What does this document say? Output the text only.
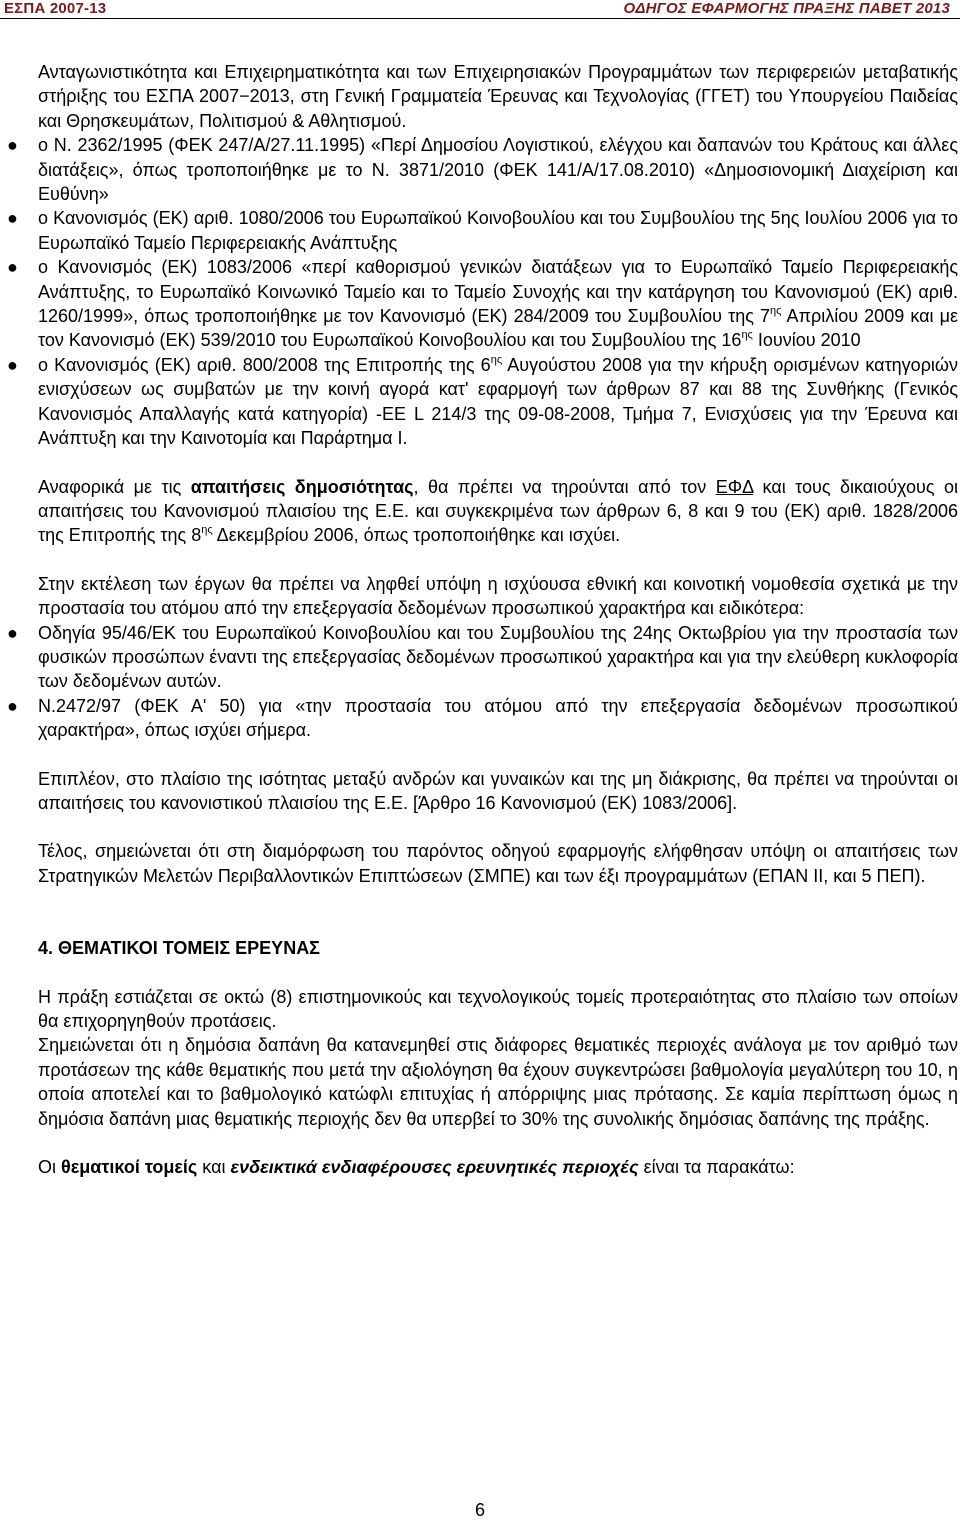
ΕΣΠΑ 2007-13	ΟΔΗΓΟΣ ΕΦΑΡΜΟΓΗΣ ΠΡΑΞΗΣ ΠΑΒΕΤ 2013

Ανταγωνιστικότητα και Επιχειρηματικότητα και των Επιχειρησιακών Προγραμμάτων των περιφερειών μεταβατικής στήριξης του ΕΣΠΑ 2007−2013, στη Γενική Γραμματεία Έρευνας και Τεχνολογίας (ΓΓΕΤ) του Υπουργείου Παιδείας και Θρησκευμάτων, Πολιτισμού & Αθλητισμού.

● ο Ν. 2362/1995 (ΦΕΚ 247/Α/27.11.1995) «Περί Δημοσίου Λογιστικού, ελέγχου και δαπανών του Κράτους και άλλες διατάξεις», όπως τροποποιήθηκε με το Ν. 3871/2010 (ΦΕΚ 141/Α/17.08.2010) «Δημοσιονομική Διαχείριση και Ευθύνη»
● ο Κανονισμός (ΕΚ) αριθ. 1080/2006 του Ευρωπαϊκού Κοινοβουλίου και του Συμβουλίου της 5ης Ιουλίου 2006 για το Ευρωπαϊκό Ταμείο Περιφερειακής Ανάπτυξης
● ο Κανονισμός (ΕΚ) 1083/2006 «περί καθορισμού γενικών διατάξεων για το Ευρωπαϊκό Ταμείο Περιφερειακής Ανάπτυξης, το Ευρωπαϊκό Κοινωνικό Ταμείο και το Ταμείο Συνοχής και την κατάργηση του Κανονισμού (ΕΚ) αριθ. 1260/1999», όπως τροποποιήθηκε με τον Κανονισμό (ΕΚ) 284/2009 του Συμβουλίου της $7^{\eta\varsigma}$ Απριλίου 2009 και με τον Κανονισμό (ΕΚ) 539/2010 του Ευρωπαϊκού Κοινοβουλίου και του Συμβουλίου της $16^{\eta\varsigma}$ Ιουνίου 2010
● ο Κανονισμός (ΕΚ) αριθ. 800/2008 της Επιτροπής της $6^{\eta\varsigma}$ Αυγούστου 2008 για την κήρυξη ορισμένων κατηγοριών ενισχύσεων ως συμβατών με την κοινή αγορά κατ' εφαρμογή των άρθρων 87 και 88 της Συνθήκης (Γενικός Κανονισμός Απαλλαγής κατά κατηγορία) -ΕΕ L 214/3 της 09-08-2008, Τμήμα 7, Ενισχύσεις για την Έρευνα και Ανάπτυξη και την Καινοτομία και Παράρτημα Ι.

Αναφορικά με τις απαιτήσεις δημοσιότητας, θα πρέπει να τηρούνται από τον ΕΦΔ και τους δικαιούχους οι απαιτήσεις του Κανονισμού πλαισίου της Ε.Ε. και συγκεκριμένα των άρθρων 6, 8 και 9 του (ΕΚ) αριθ. 1828/2006 της Επιτροπής της $8^{\eta\varsigma}$ Δεκεμβρίου 2006, όπως τροποποιήθηκε και ισχύει.

Στην εκτέλεση των έργων θα πρέπει να ληφθεί υπόψη η ισχύουσα εθνική και κοινοτική νομοθεσία σχετικά με την προστασία του ατόμου από την επεξεργασία δεδομένων προσωπικού χαρακτήρα και ειδικότερα:

● Οδηγία 95/46/ΕΚ του Ευρωπαϊκού Κοινοβουλίου και του Συμβουλίου της 24ης Οκτωβρίου για την προστασία των φυσικών προσώπων έναντι της επεξεργασίας δεδομένων προσωπικού χαρακτήρα και για την ελεύθερη κυκλοφορία των δεδομένων αυτών.
● Ν.2472/97 (ΦΕΚ Α' 50) για «την προστασία του ατόμου από την επεξεργασία δεδομένων προσωπικού χαρακτήρα», όπως ισχύει σήμερα.

Επιπλέον, στο πλαίσιο της ισότητας μεταξύ ανδρών και γυναικών και της μη διάκρισης, θα πρέπει να τηρούνται οι απαιτήσεις του κανονιστικού πλαισίου της Ε.Ε. [Άρθρο 16 Κανονισμού (ΕΚ) 1083/2006].

Τέλος, σημειώνεται ότι στη διαμόρφωση του παρόντος οδηγού εφαρμογής ελήφθησαν υπόψη οι απαιτήσεις των Στρατηγικών Μελετών Περιβαλλοντικών Επιπτώσεων (ΣΜΠΕ) και των έξι προγραμμάτων (ΕΠΑΝ ΙΙ, και 5 ΠΕΠ).

4. ΘΕΜΑΤΙΚΟΙ ΤΟΜΕΙΣ ΕΡΕΥΝΑΣ

Η πράξη εστιάζεται σε οκτώ (8) επιστημονικούς και τεχνολογικούς τομείς προτεραιότητας στο πλαίσιο των οποίων θα επιχορηγηθούν προτάσεις.

Σημειώνεται ότι η δημόσια δαπάνη θα κατανεμηθεί στις διάφορες θεματικές περιοχές ανάλογα με τον αριθμό των προτάσεων της κάθε θεματικής που μετά την αξιολόγηση θα έχουν συγκεντρώσει βαθμολογία μεγαλύτερη του 10, η οποία αποτελεί και το βαθμολογικό κατώφλι επιτυχίας ή απόρριψης μιας πρότασης. Σε καμία περίπτωση όμως η δημόσια δαπάνη μιας θεματικής περιοχής δεν θα υπερβεί το 30% της συνολικής δημόσιας δαπάνης της πράξης.

Οι θεματικοί τομείς και ενδεικτικά ενδιαφέρουσες ερευνητικές περιοχές είναι τα παρακάτω:

6
